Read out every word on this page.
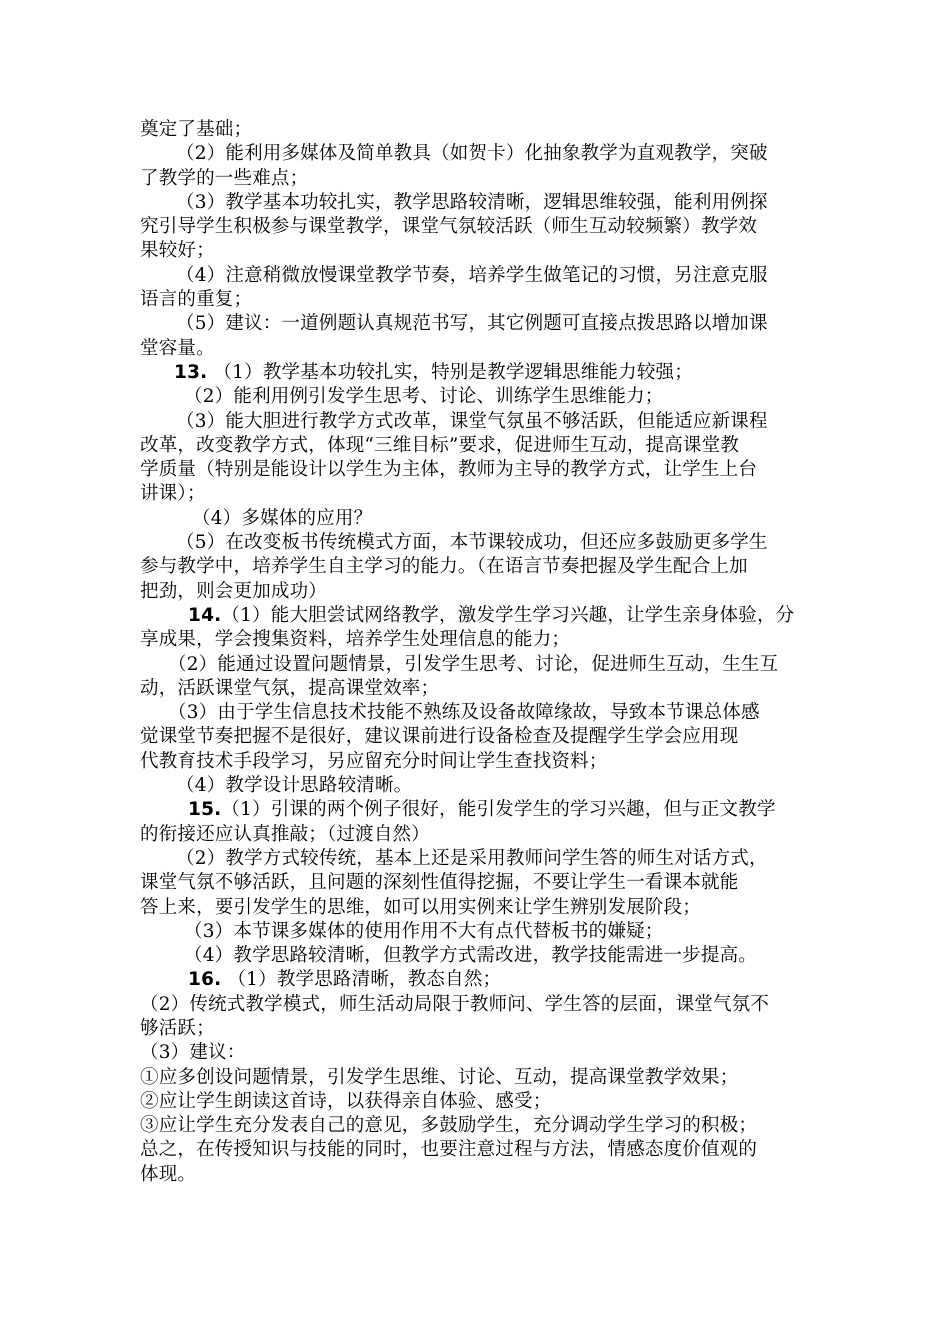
奠定了基础；
（2）能利用多媒体及简单教具（如贺卡）化抽象教学为直观教学，突破
了教学的一些难点；
（3）教学基本功较扎实，教学思路较清晰，逻辑思维较强，能利用例探
究引导学生积极参与课堂教学，课堂气氛较活跃（师生互动较频繁）教学效
果较好；
（4）注意稍微放慢课堂教学节奏，培养学生做笔记的习惯，另注意克服
语言的重复；
（5）建议：一道例题认真规范书写，其它例题可直接点拨思路以增加课
堂容量。
13. （1）教学基本功较扎实，特别是教学逻辑思维能力较强；
（2）能利用例引发学生思考、讨论、训练学生思维能力；
（3）能大胆进行教学方式改革，课堂气氛虽不够活跃，但能适应新课程
改革，改变教学方式，体现“三维目标”要求，促进师生互动，提高课堂教
学质量（特别是能设计以学生为主体，教师为主导的教学方式，让学生上台
讲课）；
（4）多媒体的应用？
（5）在改变板书传统模式方面，本节课较成功，但还应多鼓励更多学生
参与教学中，培养学生自主学习的能力。（在语言节奏把握及学生配合上加
把劲，则会更加成功）
14.（1）能大胆尝试网络教学，激发学生学习兴趣，让学生亲身体验，分
享成果，学会搜集资料，培养学生处理信息的能力；
（2）能通过设置问题情景，引发学生思考、讨论，促进师生互动，生生互
动，活跃课堂气氛，提高课堂效率；
（3）由于学生信息技术技能不熟练及设备故障缘故，导致本节课总体感
觉课堂节奏把握不是很好，建议课前进行设备检查及提醒学生学会应用现
代教育技术手段学习，另应留充分时间让学生查找资料；
（4）教学设计思路较清晰。
15.（1）引课的两个例子很好，能引发学生的学习兴趣，但与正文教学
的衔接还应认真推敲；（过渡自然）
（2）教学方式较传统，基本上还是采用教师问学生答的师生对话方式，
课堂气氛不够活跃，且问题的深刻性值得挖掘，不要让学生一看课本就能
答上来，要引发学生的思维，如可以用实例来让学生辨别发展阶段；
（3）本节课多媒体的使用作用不大有点代替板书的嫌疑；
（4）教学思路较清晰，但教学方式需改进，教学技能需进一步提高。
16. （1）教学思路清晰，教态自然；
（2）传统式教学模式，师生活动局限于教师问、学生答的层面，课堂气氛不
够活跃；
（3）建议：
①应多创设问题情景，引发学生思维、讨论、互动，提高课堂教学效果；
②应让学生朗读这首诗，以获得亲自体验、感受；
③应让学生充分发表自己的意见，多鼓励学生，充分调动学生学习的积极；
总之，在传授知识与技能的同时，也要注意过程与方法，情感态度价值观的
体现。
